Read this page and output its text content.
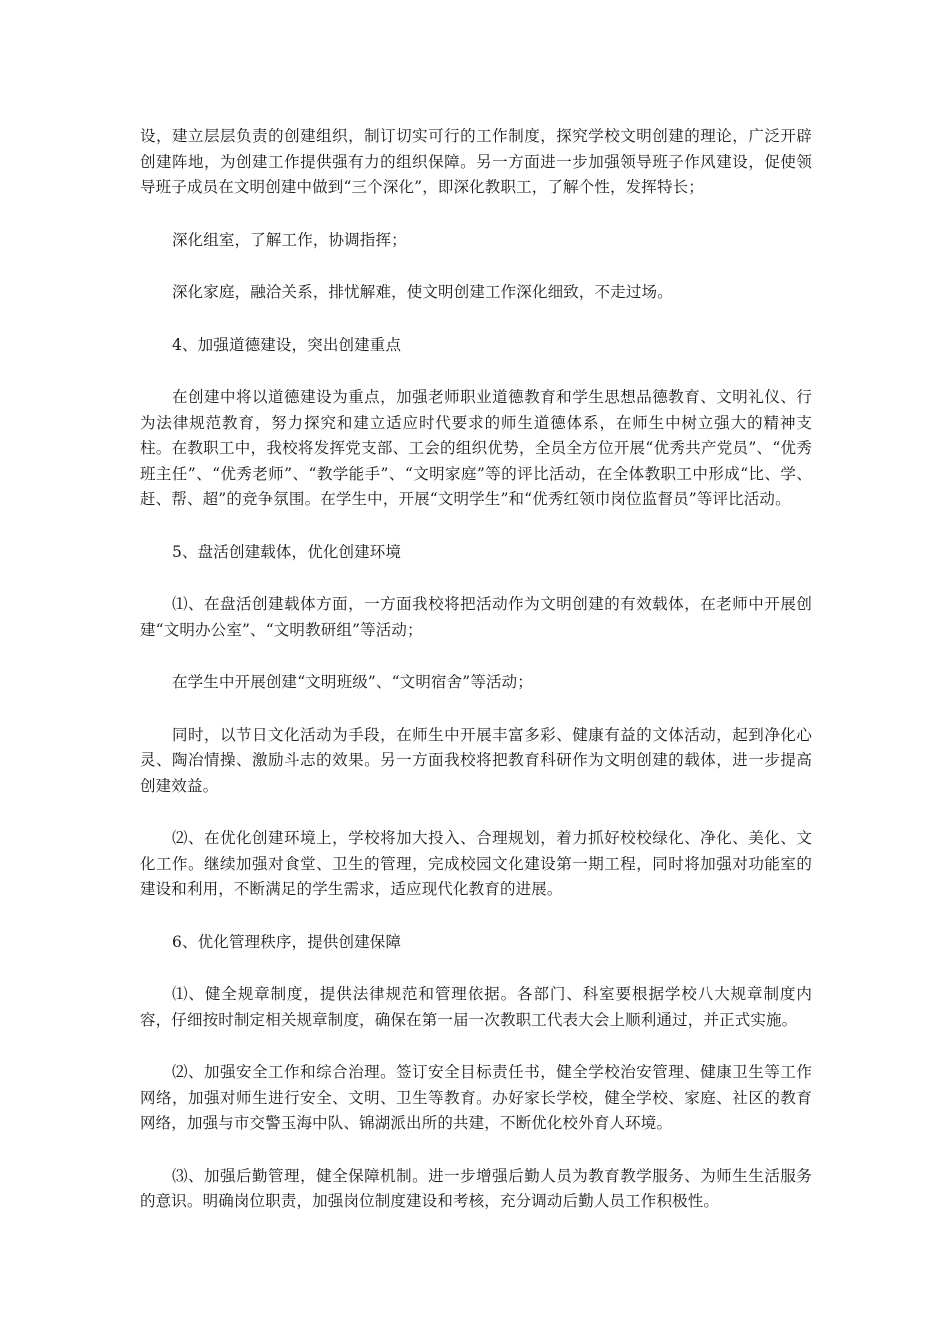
设，建立层层负责的创建组织，制订切实可行的工作制度，探究学校文明创建的理论，广泛开辟创建阵地，为创建工作提供强有力的组织保障。另一方面进一步加强领导班子作风建设，促使领导班子成员在文明创建中做到“三个深化”，即深化教职工，了解个性，发挥特长；

深化组室，了解工作，协调指挥；

深化家庭，融洽关系，排忧解难，使文明创建工作深化细致，不走过场。

4、加强道德建设，突出创建重点

在创建中将以道德建设为重点，加强老师职业道德教育和学生思想品德教育、文明礼仪、行为法律规范教育，努力探究和建立适应时代要求的师生道德体系，在师生中树立强大的精神支柱。在教职工中，我校将发挥党支部、工会的组织优势，全员全方位开展“优秀共产党员”、“优秀班主任”、“优秀老师”、“教学能手”、“文明家庭”等的评比活动，在全体教职工中形成“比、学、赶、帮、超”的竞争氛围。在学生中，开展“文明学生”和“优秀红领巾岗位监督员”等评比活动。

5、盘活创建载体，优化创建环境

⑴、在盘活创建载体方面，一方面我校将把活动作为文明创建的有效载体，在老师中开展创建“文明办公室”、“文明教研组”等活动；

在学生中开展创建“文明班级”、“文明宿舍”等活动；

同时，以节日文化活动为手段，在师生中开展丰富多彩、健康有益的文体活动，起到净化心灵、陶冶情操、激励斗志的效果。另一方面我校将把教育科研作为文明创建的载体，进一步提高创建效益。

⑵、在优化创建环境上，学校将加大投入、合理规划，着力抓好校校绿化、净化、美化、文化工作。继续加强对食堂、卫生的管理，完成校园文化建设第一期工程，同时将加强对功能室的建设和利用，不断满足的学生需求，适应现代化教育的进展。

6、优化管理秩序，提供创建保障

⑴、健全规章制度，提供法律规范和管理依据。各部门、科室要根据学校八大规章制度内容，仔细按时制定相关规章制度，确保在第一届一次教职工代表大会上顺利通过，并正式实施。

⑵、加强安全工作和综合治理。签订安全目标责任书，健全学校治安管理、健康卫生等工作网络，加强对师生进行安全、文明、卫生等教育。办好家长学校，健全学校、家庭、社区的教育网络，加强与市交警玉海中队、锦湖派出所的共建，不断优化校外育人环境。

⑶、加强后勤管理，健全保障机制。进一步增强后勤人员为教育教学服务、为师生生活服务的意识。明确岗位职责，加强岗位制度建设和考核，充分调动后勤人员工作积极性。
